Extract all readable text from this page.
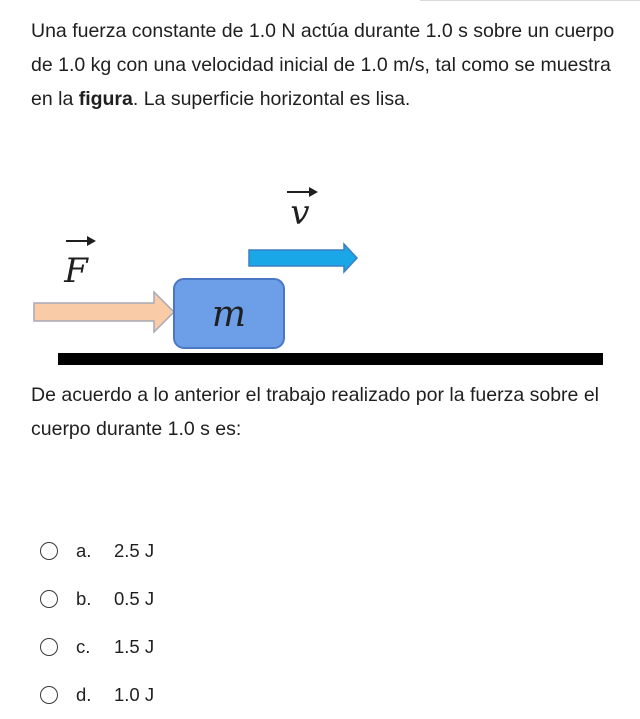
Una fuerza constante de 1.0 N actúa durante 1.0 s sobre un cuerpo de 1.0 kg con una velocidad inicial de 1.0 m/s, tal como se muestra en la figura. La superficie horizontal es lisa.

v
F
m

De acuerdo a lo anterior el trabajo realizado por la fuerza sobre el cuerpo durante 1.0 s es:

a.	2.5 J
b.	0.5 J
c.	1.5 J
d.	1.0 J
